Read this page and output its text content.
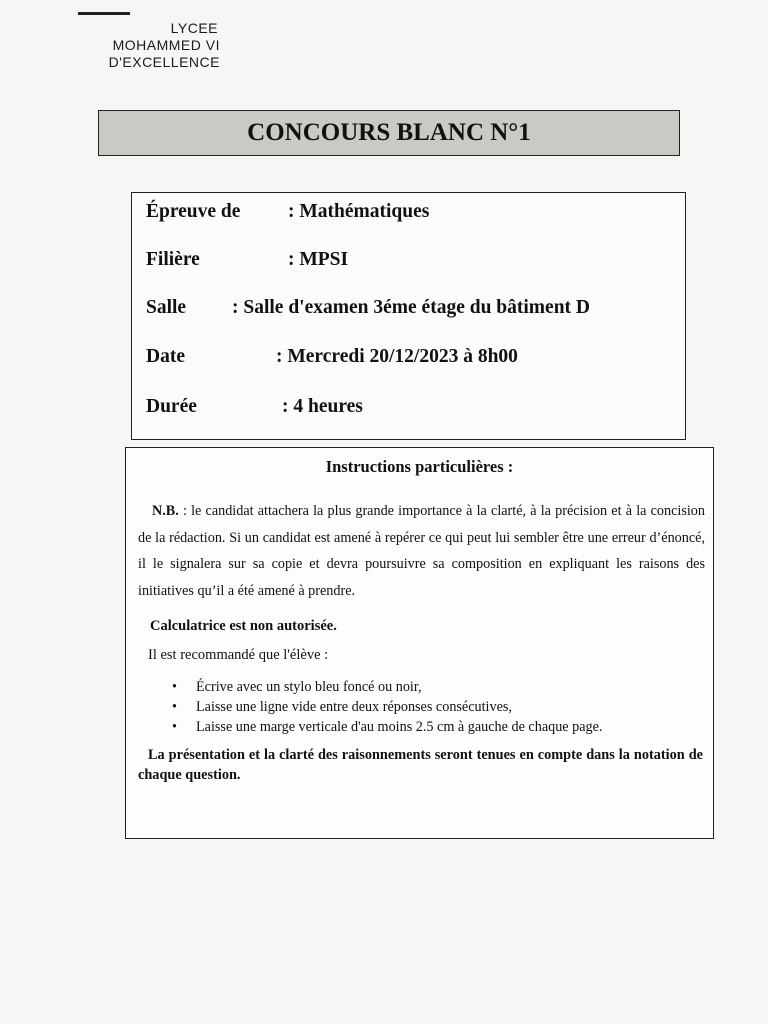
LYCEE
MOHAMMED VI
D'EXCELLENCE
CONCOURS BLANC N°1
Épreuve de : Mathématiques
Filière	: MPSI
Salle : Salle d'examen 3éme étage du bâtiment D
Date	: Mercredi 20/12/2023 à 8h00
Durée	: 4 heures
Instructions particulières :

N.B. : le candidat attachera la plus grande importance à la clarté, à la précision et à la concision de la rédaction. Si un candidat est amené à repérer ce qui peut lui sembler être une erreur d’énoncé, il le signalera sur sa copie et devra poursuivre sa composition en expliquant les raisons des initiatives qu’il a été amené à prendre.

Calculatrice est non autorisée.
Il est recommandé que l'élève :
• Écrive avec un stylo bleu foncé ou noir,
• Laisse une ligne vide entre deux réponses consécutives,
• Laisse une marge verticale d'au moins 2.5 cm à gauche de chaque page.

La présentation et la clarté des raisonnements seront tenues en compte dans la notation de chaque question.
